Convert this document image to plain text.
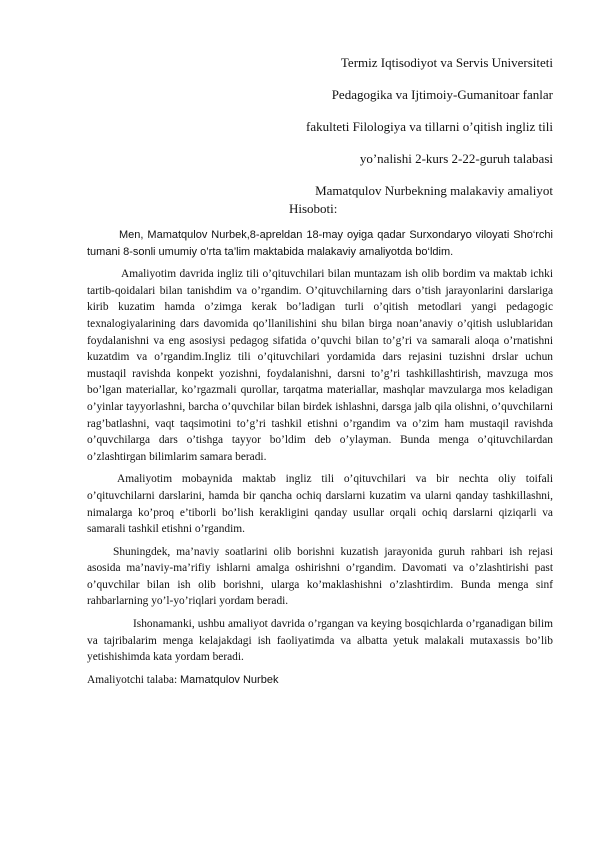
Termiz Iqtisodiyot va Servis Universiteti
Pedagogika va Ijtimoiy-Gumanitoar fanlar
fakulteti Filologiya va tillarni o’qitish ingliz tili
yo’nalishi 2-kurs 2-22-guruh talabasi
Mamatqulov Nurbekning malakaviy amaliyot
Hisoboti:

Men, Mamatqulov Nurbek,8-apreldan 18-may oyiga qadar Surxondaryo viloyati Sho‘rchi tumani 8-sonli umumiy o’rta ta’lim maktabida malakaviy amaliyotda bo‘ldim.

Amaliyotim davrida ingliz tili o’qituvchilari bilan muntazam ish olib bordim va maktab ichki tartib-qoidalari bilan tanishdim va o’rgandim. O’qituvchilarning dars o’tish jarayonlarini darslariga kirib kuzatim hamda o’zimga kerak bo’ladigan turli o’qitish metodlari yangi pedagogic texnalogiyalarining dars davomida qo’llanilishini shu bilan birga noan’anaviy o’qitish uslublaridan foydalanishni va eng asosiysi pedagog sifatida o’quvchi bilan to’g’ri va samarali aloqa o’rnatishni kuzatdim va o’rgandim.Ingliz tili o’qituvchilari yordamida dars rejasini tuzishni drslar uchun mustaqil ravishda konpekt yozishni, foydalanishni, darsni to’g’ri tashkillashtirish, mavzuga mos bo’lgan materiallar, ko’rgazmali qurollar, tarqatma materiallar, mashqlar mavzularga mos keladigan o’yinlar tayyorlashni, barcha o’quvchilar bilan birdek ishlashni, darsga jalb qila olishni, o’quvchilarni rag’batlashni, vaqt taqsimotini to’g’ri tashkil etishni o’rgandim va o’zim ham mustaqil ravishda o’quvchilarga dars o’tishga tayyor bo’ldim deb o’ylayman. Bunda menga o’qituvchilardan o’zlashtirgan bilimlarim samara beradi.

Amaliyotim mobaynida maktab ingliz tili o’qituvchilari va bir nechta oliy toifali o’qituvchilarni darslarini, hamda bir qancha ochiq darslarni kuzatim va ularni qanday tashkillashni, nimalarga ko’proq e’tiborli bo’lish kerakligini qanday usullar orqali ochiq darslarni qiziqarli va samarali tashkil etishni o’rgandim.

Shuningdek, ma’naviy soatlarini olib borishni kuzatish jarayonida guruh rahbari ish rejasi asosida ma’naviy-ma’rifiy ishlarni amalga oshirishni o’rgandim. Davomati va o’zlashtirishi past o’quvchilar bilan ish olib borishni, ularga ko’maklashishni o’zlashtirdim. Bunda menga sinf rahbarlarning yo’l-yo’riqlari yordam beradi.

Ishonamanki, ushbu amaliyot davrida o’rgangan va keying bosqichlarda o’rganadigan bilim va tajribalarim menga kelajakdagi ish faoliyatimda va albatta yetuk malakali mutaxassis bo’lib yetishishimda kata yordam beradi.

Amaliyotchi talaba: Mamatqulov Nurbek
